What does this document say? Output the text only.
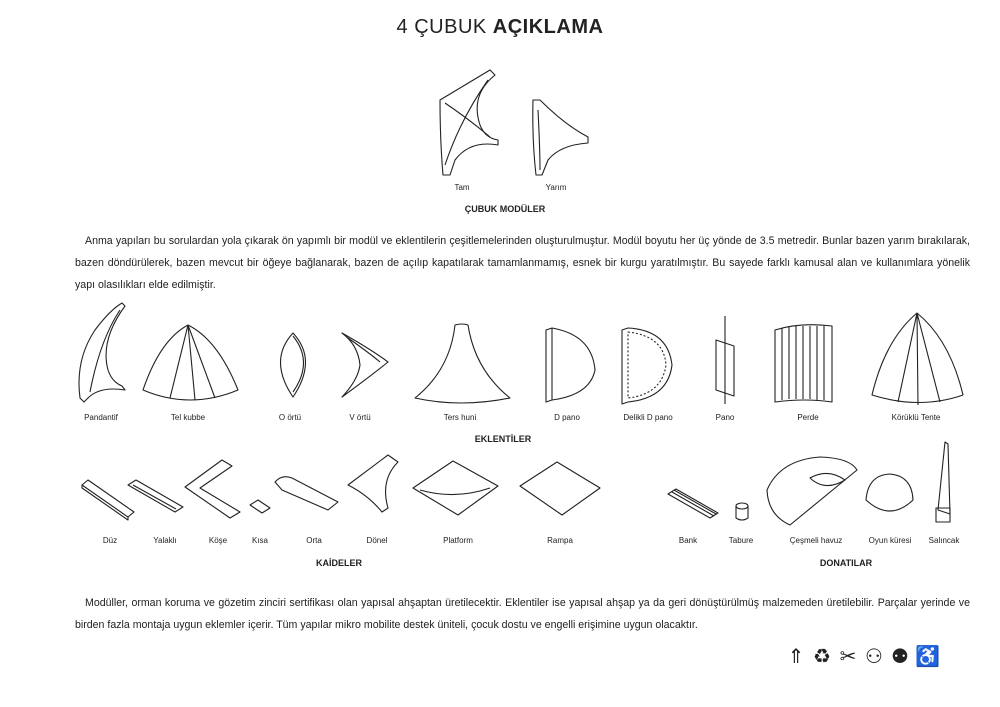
4 ÇUBUK AÇIKLAMA
Tam	Yarım
ÇUBUK MODÜLER
Anma yapıları bu sorulardan yola çıkarak ön yapımlı bir modül ve eklentilerin çeşitlemelerinden oluşturulmuştur. Modül boyutu her üç yönde de 3.5 metredir. Bunlar bazen yarım bırakılarak, bazen döndürülerek, bazen mevcut bir öğeye bağlanarak, bazen de açılıp kapatılarak tamamlanmamış, esnek bir kurgu yaratılmıştır. Bu sayede farklı kamusal alan ve kullanımlara yönelik yapı olasılıkları elde edilmiştir.
Pandantif	Tel kubbe	O örtü	V örtü	Ters huni	D pano	Delikli D pano	Pano	Perde	Körüklü Tente
EKLENTİLER
Düz	Yalaklı	Köşe	Kısa	Orta	Dönel	Platform	Rampa
KAİDELER
Bank	Tabure	Çeşmeli havuz	Oyun küresi Salıncak
DONATILAR
Modüller, orman koruma ve gözetim zinciri sertifikası olan yapısal ahşaptan üretilecektir. Eklentiler ise yapısal ahşap ya da geri dönüştürülmüş malzemeden üretilebilir. Parçalar yerinde ve birden fazla montaja uygun eklemler içerir. Tüm yapılar mikro mobilite destek üniteli, çocuk dostu ve engelli erişimine uygun olacaktır.
⇑ ♻ ✂ ⚇ ⚉ ♿
